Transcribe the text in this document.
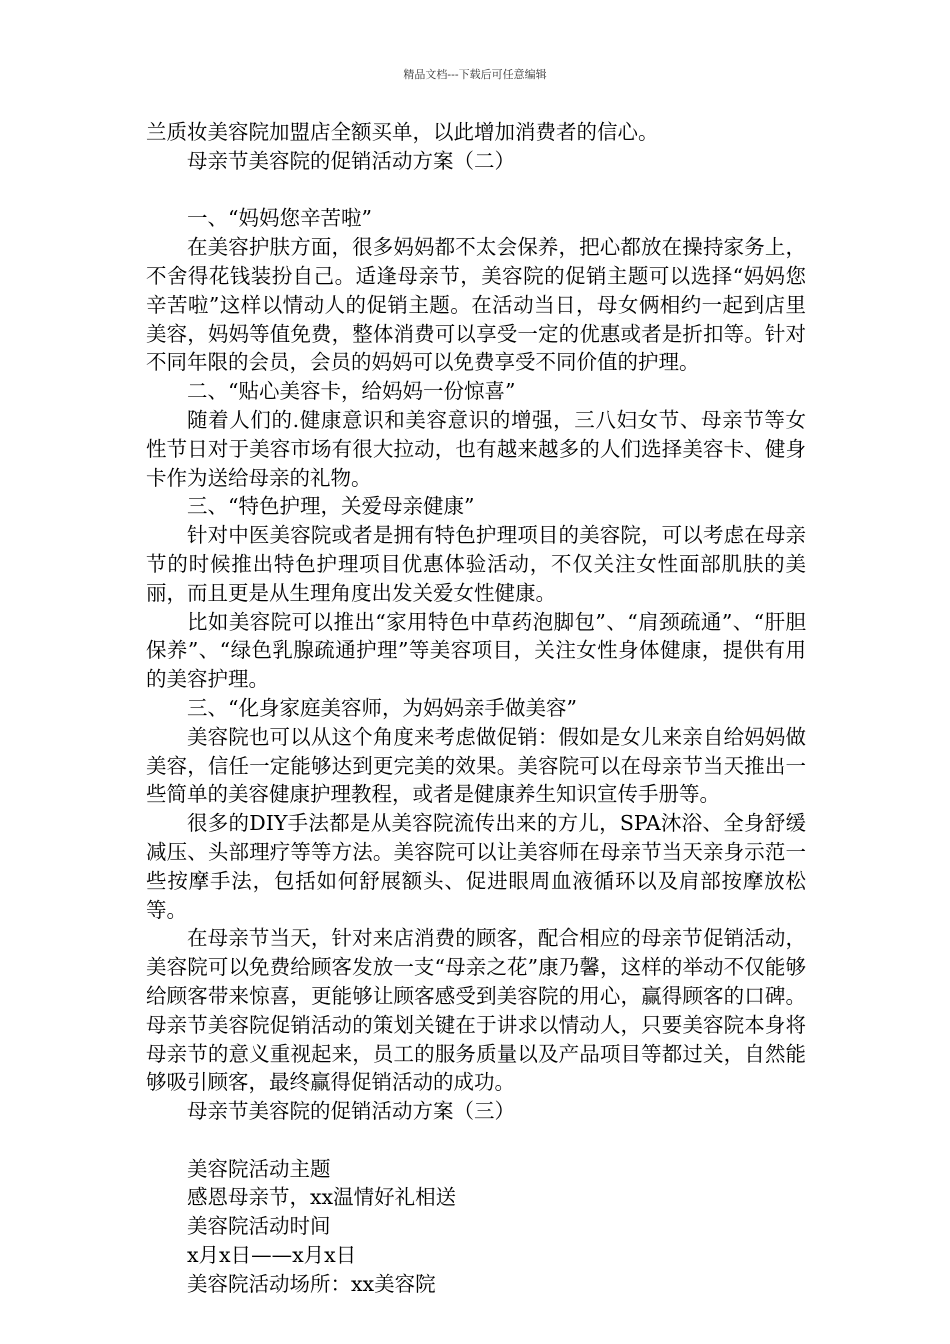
精品文档---下载后可任意编辑

兰质妆美容院加盟店全额买单，以此增加消费者的信心。

母亲节美容院的促销活动方案（二）

一、“妈妈您辛苦啦”

在美容护肤方面，很多妈妈都不太会保养，把心都放在操持家务上，不舍得花钱装扮自己。适逢母亲节，美容院的促销主题可以选择“妈妈您辛苦啦”这样以情动人的促销主题。在活动当日，母女俩相约一起到店里美容，妈妈等值免费，整体消费可以享受一定的优惠或者是折扣等。针对不同年限的会员，会员的妈妈可以免费享受不同价值的护理。

二、“贴心美容卡，给妈妈一份惊喜”

随着人们的.健康意识和美容意识的增强，三八妇女节、母亲节等女性节日对于美容市场有很大拉动，也有越来越多的人们选择美容卡、健身卡作为送给母亲的礼物。

三、“特色护理，关爱母亲健康”

针对中医美容院或者是拥有特色护理项目的美容院，可以考虑在母亲节的时候推出特色护理项目优惠体验活动，不仅关注女性面部肌肤的美丽，而且更是从生理角度出发关爱女性健康。

比如美容院可以推出“家用特色中草药泡脚包”、“肩颈疏通”、“肝胆保养”、“绿色乳腺疏通护理”等美容项目，关注女性身体健康，提供有用的美容护理。

三、“化身家庭美容师，为妈妈亲手做美容”

美容院也可以从这个角度来考虑做促销：假如是女儿来亲自给妈妈做美容，信任一定能够达到更完美的效果。美容院可以在母亲节当天推出一些简单的美容健康护理教程，或者是健康养生知识宣传手册等。

很多的DIY手法都是从美容院流传出来的方儿，SPA沐浴、全身舒缓减压、头部理疗等等方法。美容院可以让美容师在母亲节当天亲身示范一些按摩手法，包括如何舒展额头、促进眼周血液循环以及肩部按摩放松等。

在母亲节当天，针对来店消费的顾客，配合相应的母亲节促销活动，美容院可以免费给顾客发放一支“母亲之花”康乃馨，这样的举动不仅能够给顾客带来惊喜，更能够让顾客感受到美容院的用心，赢得顾客的口碑。母亲节美容院促销活动的策划关键在于讲求以情动人，只要美容院本身将母亲节的意义重视起来，员工的服务质量以及产品项目等都过关，自然能够吸引顾客，最终赢得促销活动的成功。

母亲节美容院的促销活动方案（三）

美容院活动主题

感恩母亲节，xx温情好礼相送

美容院活动时间

x月x日——x月x日

美容院活动场所：xx美容院
